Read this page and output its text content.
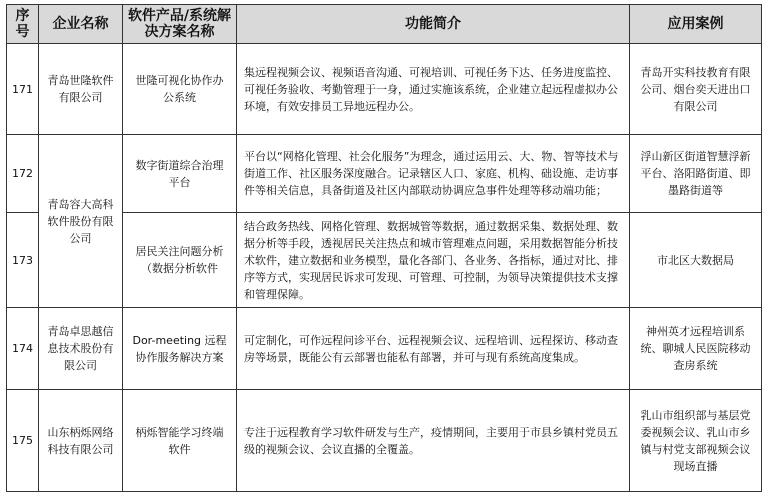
序号	企业名称	软件产品/系统解决方案名称	功能简介	应用案例
171	青岛世隆软件有限公司	世隆可视化协作办公系统	集远程视频会议、视频语音沟通、可视培训、可视任务下达、任务进度监控、可视任务验收、考勤管理于一身，通过实施该系统，企业建立起远程虚拟办公环境，有效安排员工异地远程办公。	青岛开实科技教育有限公司、烟台奕天进出口有限公司
172	青岛容大高科软件股份有限公司	数字街道综合治理平台	平台以“网格化管理、社会化服务”为理念，通过运用云、大、物、智等技术与街道工作、社区服务深度融合。记录辖区人口、家庭、机构、础设施、走访事件等相关信息，具备街道及社区内部联动协调应急事件处理等移动端功能；	浮山新区街道智慧浮新平台、洛阳路街道、即墨路街道等
173		居民关注问题分析 （数据分析软件	结合政务热线、网格化管理、数据城管等数据，通过数据采集、数据处理、数据分析等手段，透视居民关注热点和城市管理难点问题，采用数据智能分析技术软件，建立数据和业务模型，量化各部门、各业务、各指标，通过对比、排序等方式，实现居民诉求可发现、可管理、可控制，为领导决策提供技术支撑和管理保障。	市北区大数据局
174	青岛卓思越信息技术股份有限公司	Dor-meeting 远程协作服务解决方案	可定制化，可作远程问诊平台、远程视频会议、远程培训、远程探访、移动查房等场景，既能公有云部署也能私有部署，并可与现有系统高度集成。	神州英才远程培训系统、聊城人民医院移动查房系统
175	山东柄烁网络科技有限公司	柄烁智能学习终端软件	专注于远程教育学习软件研发与生产，疫情期间，主要用于市县乡镇村党员五级的视频会议、会议直播的全覆盖。	乳山市组织部与基层党委视频会议、乳山市乡镇与村党支部视频会议现场直播
